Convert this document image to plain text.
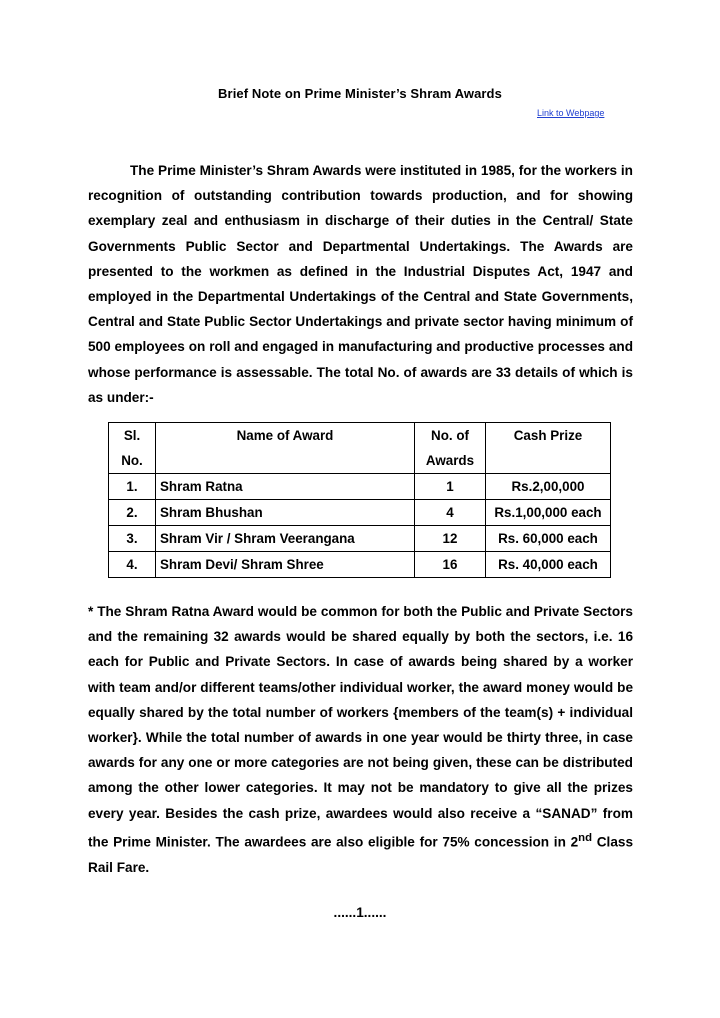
Brief Note on Prime Minister’s Shram Awards
Link to Webpage

The Prime Minister’s Shram Awards were instituted in 1985, for the workers in recognition of outstanding contribution towards production, and for showing exemplary zeal and enthusiasm in discharge of their duties in the Central/ State Governments Public Sector and Departmental Undertakings. The Awards are presented to the workmen as defined in the Industrial Disputes Act, 1947 and employed in the Departmental Undertakings of the Central and State Governments, Central and State Public Sector Undertakings and private sector having minimum of 500 employees on roll and engaged in manufacturing and productive processes and whose performance is assessable. The total No. of awards are 33 details of which is as under:-

Sl. No.	Name of Award	No. of Awards	Cash Prize
1.	Shram Ratna	1	Rs.2,00,000
2.	Shram Bhushan	4	Rs.1,00,000 each
3.	Shram Vir / Shram Veerangana	12	Rs. 60,000 each
4.	Shram Devi/ Shram Shree	16	Rs. 40,000 each

* The Shram Ratna Award would be common for both the Public and Private Sectors and the remaining 32 awards would be shared equally by both the sectors, i.e. 16 each for Public and Private Sectors. In case of awards being shared by a worker with team and/or different teams/other individual worker, the award money would be equally shared by the total number of workers {members of the team(s) + individual worker}. While the total number of awards in one year would be thirty three, in case awards for any one or more categories are not being given, these can be distributed among the other lower categories. It may not be mandatory to give all the prizes every year. Besides the cash prize, awardees would also receive a “SANAD” from the Prime Minister. The awardees are also eligible for 75% concession in 2nd Class Rail Fare.

......1......
